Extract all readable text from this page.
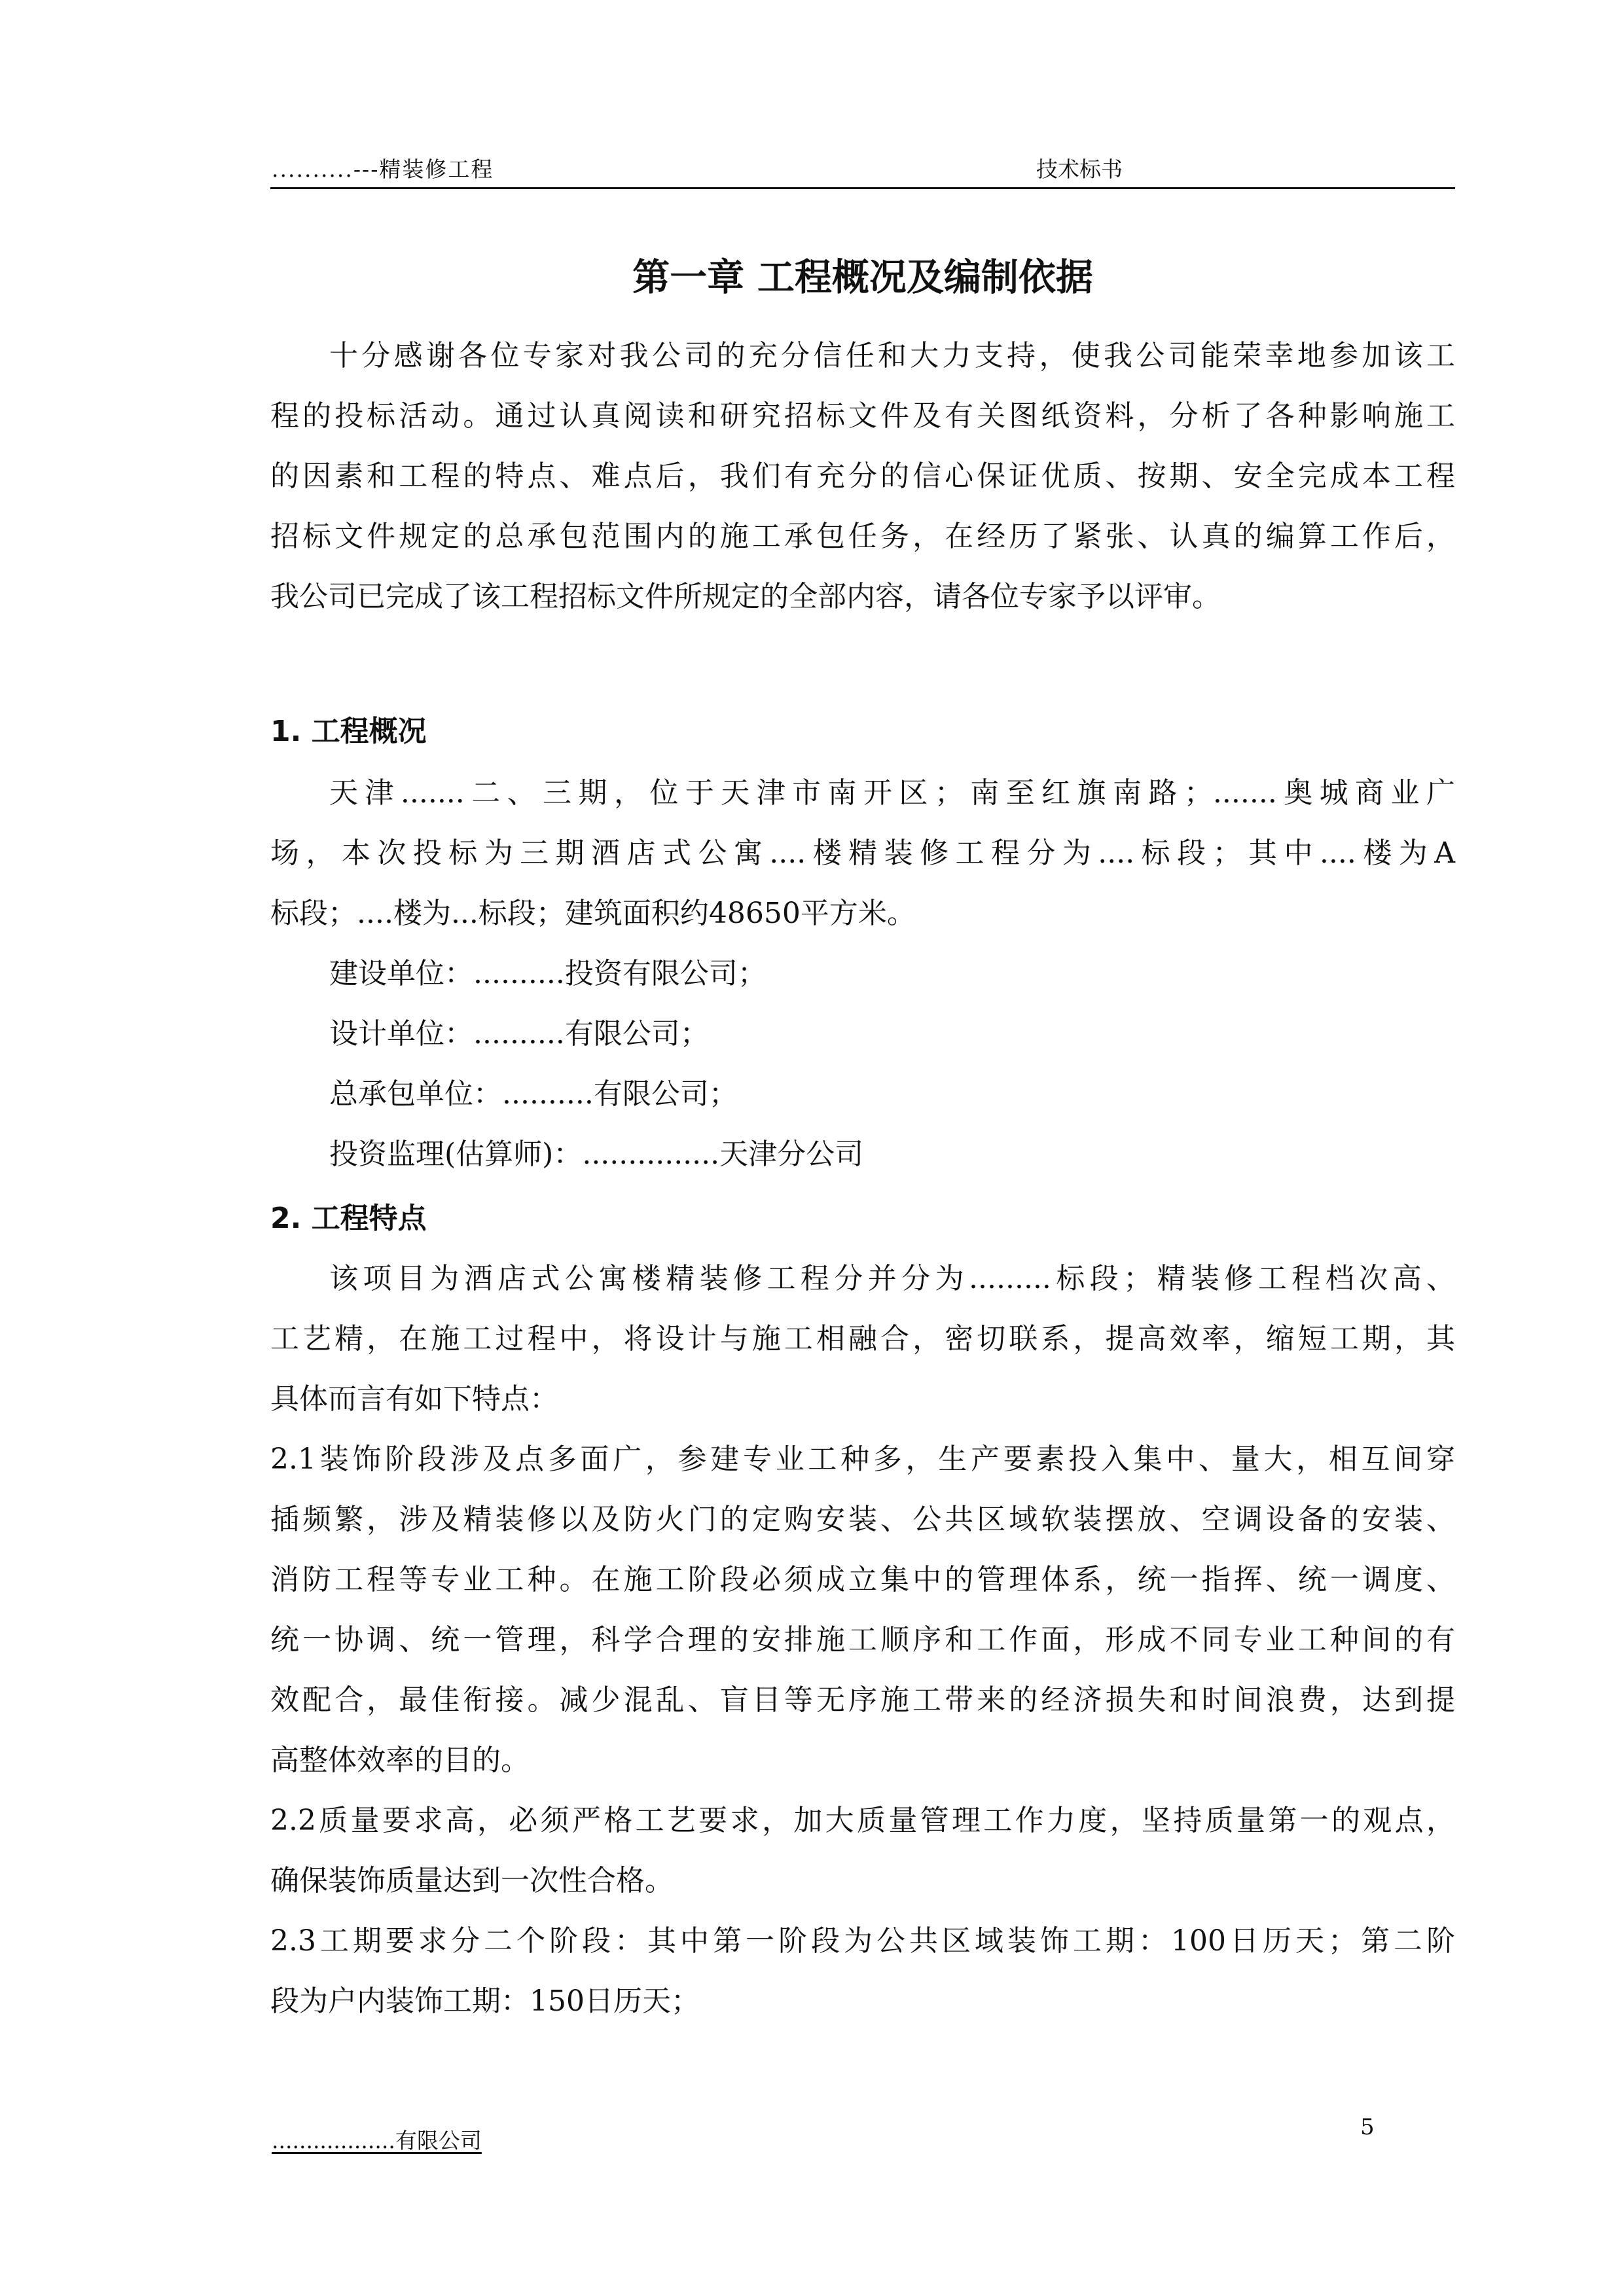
..........---精装修工程	技术标书
第一章 工程概况及编制依据
十分感谢各位专家对我公司的充分信任和大力支持，使我公司能荣幸地参加该工
程的投标活动。通过认真阅读和研究招标文件及有关图纸资料，分析了各种影响施工
的因素和工程的特点、难点后，我们有充分的信心保证优质、按期、安全完成本工程
招标文件规定的总承包范围内的施工承包任务，在经历了紧张、认真的编算工作后，
我公司已完成了该工程招标文件所规定的全部内容，请各位专家予以评审。
1. 工程概况
天津.......二、三期，位于天津市南开区；南至红旗南路；.......奥城商业广
场，本次投标为三期酒店式公寓....楼精装修工程分为....标段；其中....楼为A
标段；....楼为...标段；建筑面积约48650平方米。
建设单位：..........投资有限公司；
设计单位：..........有限公司；
总承包单位：..........有限公司；
投资监理(估算师)：...............天津分公司
2. 工程特点
该项目为酒店式公寓楼精装修工程分并分为.........标段；精装修工程档次高、
工艺精，在施工过程中，将设计与施工相融合，密切联系，提高效率，缩短工期，其
具体而言有如下特点：
2.1装饰阶段涉及点多面广，参建专业工种多，生产要素投入集中、量大，相互间穿
插频繁，涉及精装修以及防火门的定购安装、公共区域软装摆放、空调设备的安装、
消防工程等专业工种。在施工阶段必须成立集中的管理体系，统一指挥、统一调度、
统一协调、统一管理，科学合理的安排施工顺序和工作面，形成不同专业工种间的有
效配合，最佳衔接。减少混乱、盲目等无序施工带来的经济损失和时间浪费，达到提
高整体效率的目的。
2.2质量要求高，必须严格工艺要求，加大质量管理工作力度，坚持质量第一的观点，
确保装饰质量达到一次性合格。
2.3工期要求分二个阶段：其中第一阶段为公共区域装饰工期：100日历天；第二阶
段为户内装饰工期：150日历天；
..................有限公司
5
